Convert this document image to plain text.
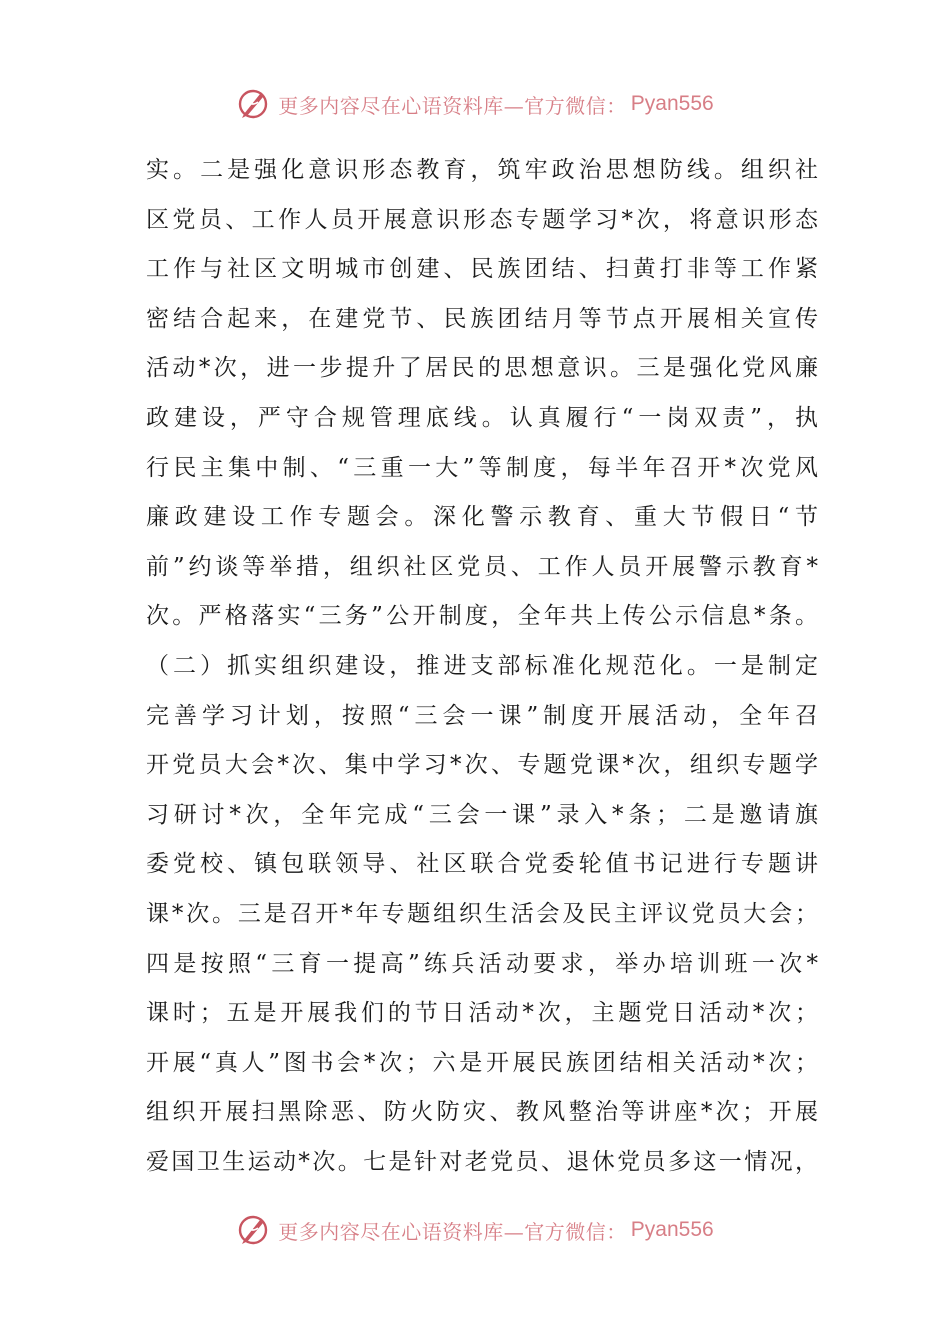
更多内容尽在心语资料库—官方微信： Pyan556
实。二是强化意识形态教育，筑牢政治思想防线。组织社
区党员、工作人员开展意识形态专题学习*次，将意识形态
工作与社区文明城市创建、民族团结、扫黄打非等工作紧
密结合起来，在建党节、民族团结月等节点开展相关宣传
活动*次，进一步提升了居民的思想意识。三是强化党风廉
政建设，严守合规管理底线。认真履行“一岗双责”，执
行民主集中制、“三重一大”等制度，每半年召开*次党风
廉政建设工作专题会。深化警示教育、重大节假日“节
前”约谈等举措，组织社区党员、工作人员开展警示教育*
次。严格落实“三务”公开制度，全年共上传公示信息*条。
（二）抓实组织建设，推进支部标准化规范化。一是制定
完善学习计划，按照“三会一课”制度开展活动，全年召
开党员大会*次、集中学习*次、专题党课*次，组织专题学
习研讨*次，全年完成“三会一课”录入*条；二是邀请旗
委党校、镇包联领导、社区联合党委轮值书记进行专题讲
课*次。三是召开*年专题组织生活会及民主评议党员大会；
四是按照“三育一提高”练兵活动要求，举办培训班一次*
课时；五是开展我们的节日活动*次，主题党日活动*次；
开展“真人”图书会*次；六是开展民族团结相关活动*次；
组织开展扫黑除恶、防火防灾、教风整治等讲座*次；开展
爱国卫生运动*次。七是针对老党员、退休党员多这一情况，
更多内容尽在心语资料库—官方微信： Pyan556
